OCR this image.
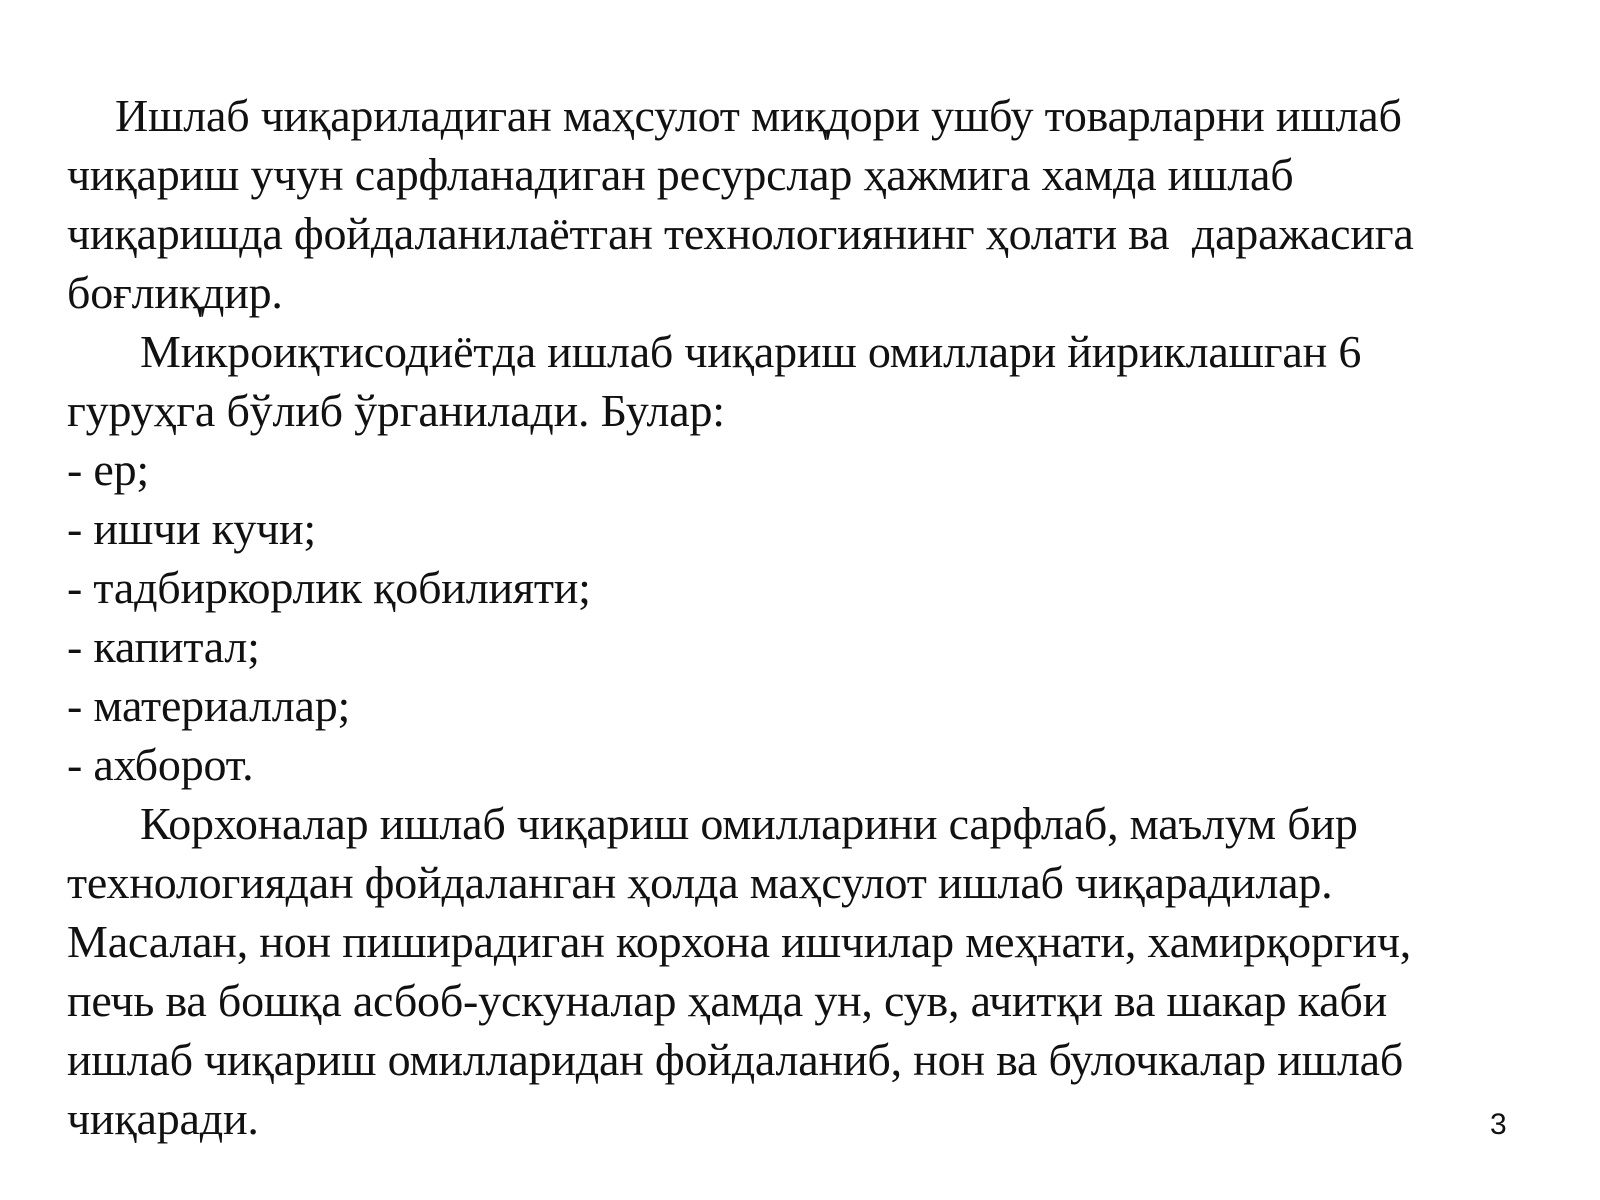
Ишлаб чиқариладиган маҳсулот миқдори ушбу товарларни ишлаб
чиқариш учун сарфланадиган ресурслар ҳажмига хамда ишлаб
чиқаришда фойдаланилаётган технологиянинг ҳолати ва  даражасига
боғлиқдир.
Микроиқтисодиётда ишлаб чиқариш омиллари йириклашган 6
гуруҳга бўлиб ўрганилади. Булар:
- ер;
- ишчи кучи;
- тадбиркорлик қобилияти;
- капитал;
- материаллар;
- ахборот.
Корхоналар ишлаб чиқариш омилларини сарфлаб, маълум бир
технологиядан фойдаланган ҳолда маҳсулот ишлаб чиқарадилар.
Масалан, нон пиширадиган корхона ишчилар меҳнати, хамирқоргич,
печь ва бошқа асбоб-ускуналар ҳамда ун, сув, ачитқи ва шакар каби
ишлаб чиқариш омилларидан фойдаланиб, нон ва булочкалар ишлаб
чиқаради.	3
